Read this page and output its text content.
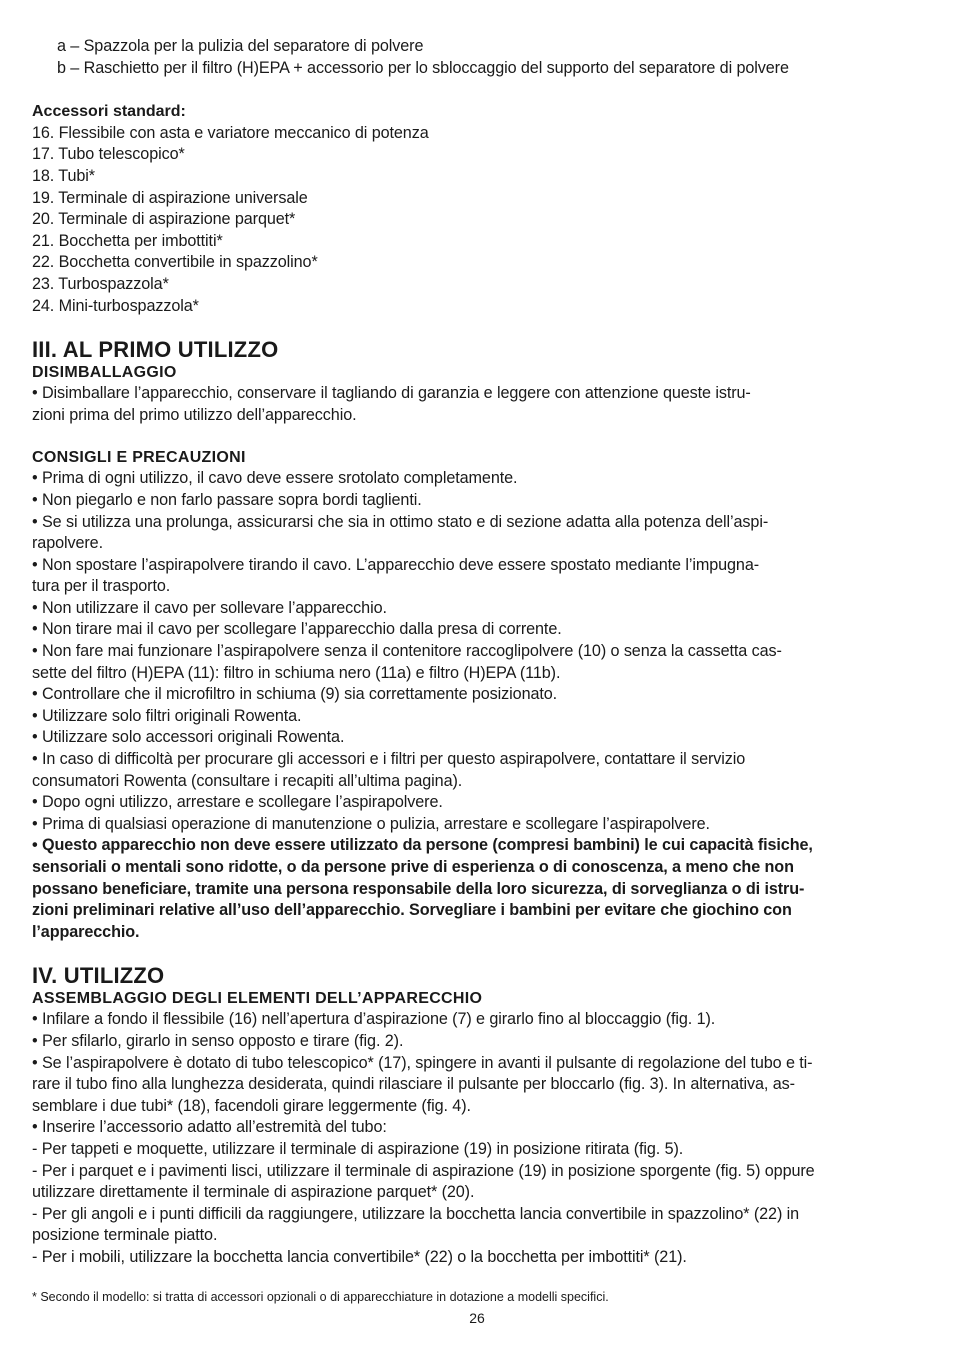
a – Spazzola per la pulizia del separatore di polvere

b – Raschietto per il filtro (H)EPA + accessorio per lo sbloccaggio del supporto del separatore di polvere

Accessori standard:

16. Flessibile con asta e variatore meccanico di potenza

17. Tubo telescopico*

18. Tubi*

19. Terminale di aspirazione universale

20. Terminale di aspirazione parquet*

21. Bocchetta per imbottiti*

22. Bocchetta convertibile in spazzolino*

23. Turbospazzola*

24. Mini-turbospazzola*

III. AL PRIMO UTILIZZO
DISIMBALLAGGIO

• Disimballare l’apparecchio, conservare il tagliando di garanzia e leggere con attenzione queste istru-

zioni prima del primo utilizzo dell’apparecchio.

CONSIGLI E PRECAUZIONI

• Prima di ogni utilizzo, il cavo deve essere srotolato completamente.

• Non piegarlo e non farlo passare sopra bordi taglienti.

• Se si utilizza una prolunga, assicurarsi che sia in ottimo stato e di sezione adatta alla potenza dell’aspi-

rapolvere.

• Non spostare l’aspirapolvere tirando il cavo. L’apparecchio deve essere spostato mediante l’impugna-

tura per il trasporto.

• Non utilizzare il cavo per sollevare l’apparecchio.

• Non tirare mai il cavo per scollegare l’apparecchio dalla presa di corrente.

• Non fare mai funzionare l’aspirapolvere senza il contenitore raccoglipolvere (10) o senza la cassetta cas-

sette del filtro (H)EPA (11): filtro in schiuma nero (11a) e filtro (H)EPA (11b).

• Controllare che il microfiltro in schiuma (9) sia correttamente posizionato.

• Utilizzare solo filtri originali Rowenta.

• Utilizzare solo accessori originali Rowenta.

• In caso di difficoltà per procurare gli accessori e i filtri per questo aspirapolvere, contattare il servizio

consumatori Rowenta (consultare i recapiti all’ultima pagina).

• Dopo ogni utilizzo, arrestare e scollegare l’aspirapolvere.

• Prima di qualsiasi operazione di manutenzione o pulizia, arrestare e scollegare l’aspirapolvere.

• Questo apparecchio non deve essere utilizzato da persone (compresi bambini) le cui capacità fisiche,

sensoriali o mentali sono ridotte, o da persone prive di esperienza o di conoscenza, a meno che non

possano beneficiare, tramite una persona responsabile della loro sicurezza, di sorveglianza o di istru-

zioni preliminari relative all’uso dell’apparecchio. Sorvegliare i bambini per evitare che giochino con

l’apparecchio.

IV. UTILIZZO
ASSEMBLAGGIO DEGLI ELEMENTI DELL’APPARECCHIO

• Infilare a fondo il flessibile (16) nell’apertura d’aspirazione (7) e girarlo fino al bloccaggio (fig. 1).

• Per sfilarlo, girarlo in senso opposto e tirare (fig. 2).

• Se l’aspirapolvere è dotato di tubo telescopico* (17), spingere in avanti il pulsante di regolazione del tubo e ti-

rare il tubo fino alla lunghezza desiderata, quindi rilasciare il pulsante per bloccarlo (fig. 3). In alternativa, as-

semblare i due tubi* (18), facendoli girare leggermente (fig. 4).

• Inserire l’accessorio adatto all’estremità del tubo:

- Per tappeti e moquette, utilizzare il terminale di aspirazione (19) in posizione ritirata (fig. 5).

- Per i parquet e i pavimenti lisci, utilizzare il terminale di aspirazione (19) in posizione sporgente (fig. 5) oppure

utilizzare direttamente il terminale di aspirazione parquet* (20).

- Per gli angoli e i punti difficili da raggiungere, utilizzare la bocchetta lancia convertibile in spazzolino* (22) in

posizione terminale piatto.

- Per i mobili, utilizzare la bocchetta lancia convertibile* (22) o la bocchetta per imbottiti* (21).

* Secondo il modello: si tratta di accessori opzionali o di apparecchiature in dotazione a modelli specifici.

26
